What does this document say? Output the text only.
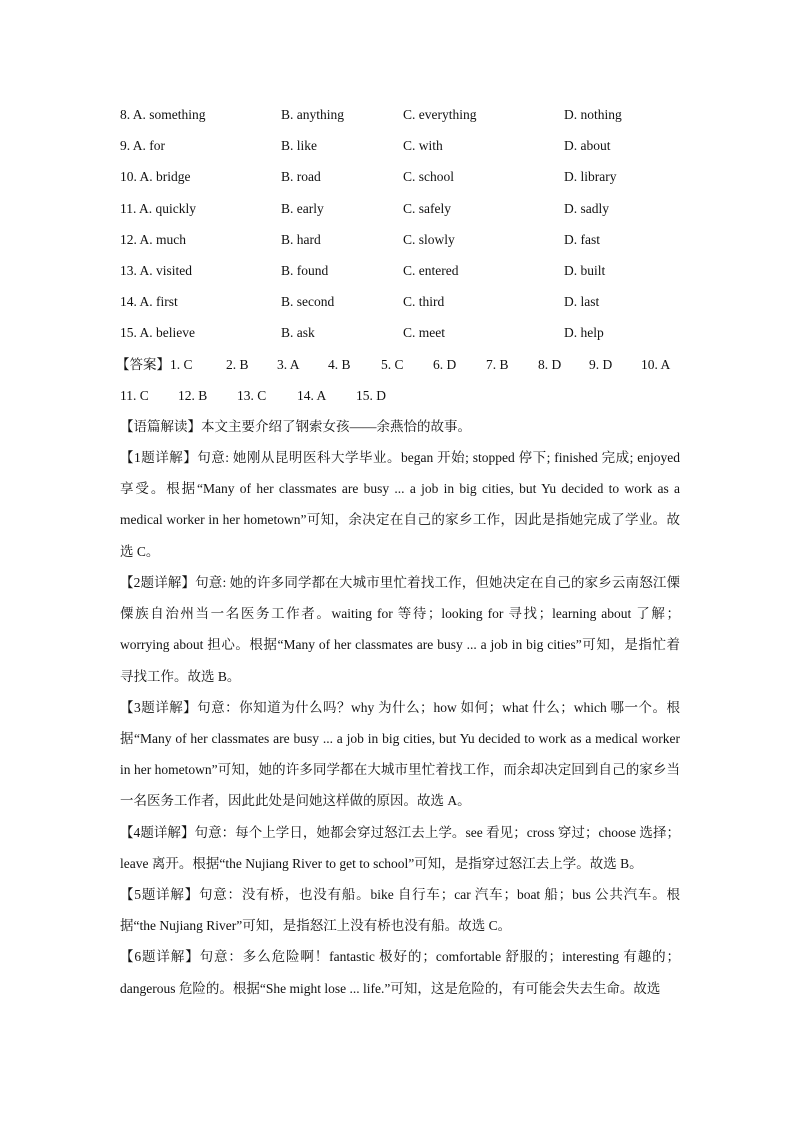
8. A. something	B. anything	C. everything	D. nothing
9. A. for	B. like	C. with	D. about
10. A. bridge	B. road	C. school	D. library
11. A. quickly	B. early	C. safely	D. sadly
12. A. much	B. hard	C. slowly	D. fast
13. A. visited	B. found	C. entered	D. built
14. A. first	B. second	C. third	D. last
15. A. believe	B. ask	C. meet	D. help
【答案】1. C 2. B 3. A 4. B 5. C 6. D 7. B 8. D 9. D 10. A
11. C 12. B 13. C 14. A 15. D

【语篇解读】本文主要介绍了钢索女孩——余燕恰的故事。

【1题详解】句意: 她刚从昆明医科大学毕业。began 开始; stopped 停下; finished 完成; enjoyed 享受。根据“Many of her classmates are busy ... a job in big cities, but Yu decided to work as a medical worker in her hometown”可知，余决定在自己的家乡工作，因此是指她完成了学业。故选 C。

【2题详解】句意: 她的许多同学都在大城市里忙着找工作，但她决定在自己的家乡云南怒江傈僳族自治州当一名医务工作者。waiting for 等待；looking for 寻找；learning about 了解；worrying about 担心。根据“Many of her classmates are busy ... a job in big cities”可知，是指忙着寻找工作。故选 B。

【3题详解】句意：你知道为什么吗？why 为什么；how 如何；what 什么；which 哪一个。根据“Many of her classmates are busy ... a job in big cities, but Yu decided to work as a medical worker in her hometown”可知，她的许多同学都在大城市里忙着找工作，而余却决定回到自己的家乡当一名医务工作者，因此此处是问她这样做的原因。故选 A。

【4题详解】句意：每个上学日，她都会穿过怒江去上学。see 看见；cross 穿过；choose 选择；leave 离开。根据“the Nujiang River to get to school”可知，是指穿过怒江去上学。故选 B。

【5题详解】句意：没有桥，也没有船。bike 自行车；car 汽车；boat 船；bus 公共汽车。根据“the Nujiang River”可知，是指怒江上没有桥也没有船。故选 C。

【6题详解】句意：多么危险啊！fantastic 极好的；comfortable 舒服的；interesting 有趣的；dangerous 危险的。根据“She might lose ... life.”可知，这是危险的，有可能会失去生命。故选
